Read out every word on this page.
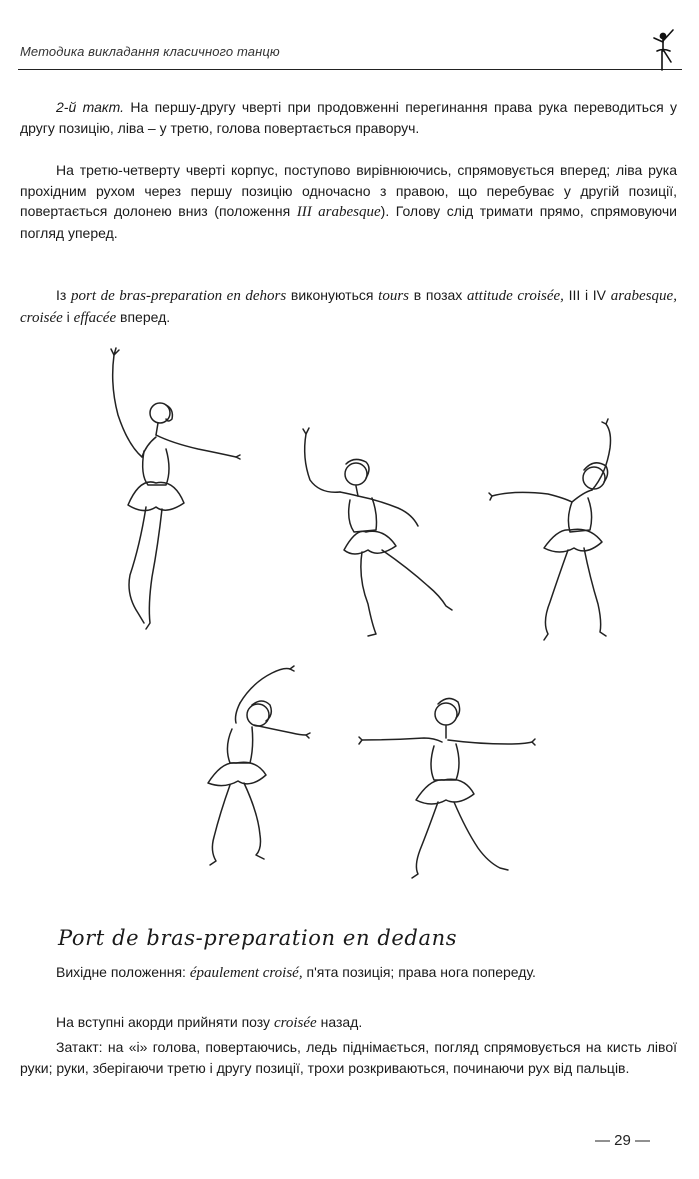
Методика викладання класичного танцю

2-й такт. На першу-другу чверті при продовженні перегинання права рука переводиться у другу позицію, ліва – у третю, голова повертається праворуч.

На третю-четверту чверті корпус, поступово вирівнюючись, спрямовується вперед; ліва рука прохідним рухом через першу позицію одночасно з правою, що перебуває у другій позиції, повертається долонею вниз (положення III arabesque). Голову слід тримати прямо, спрямовуючи погляд уперед.

Із port de bras-preparation en dehors виконуються tours в позах attitude croisée, III і IV arabesque, croisée і effacée вперед.

Port de bras-preparation en dedans

Вихідне положення: épaulement croisé, п'ята позиція; права нога попереду.

На вступні акорди прийняти позу croisée назад.

Затакт: на «і» голова, повертаючись, ледь піднімається, погляд спрямовується на кисть лівої руки; руки, зберігаючи третю і другу позиції, трохи розкриваються, починаючи рух від пальців.

— 29 —
